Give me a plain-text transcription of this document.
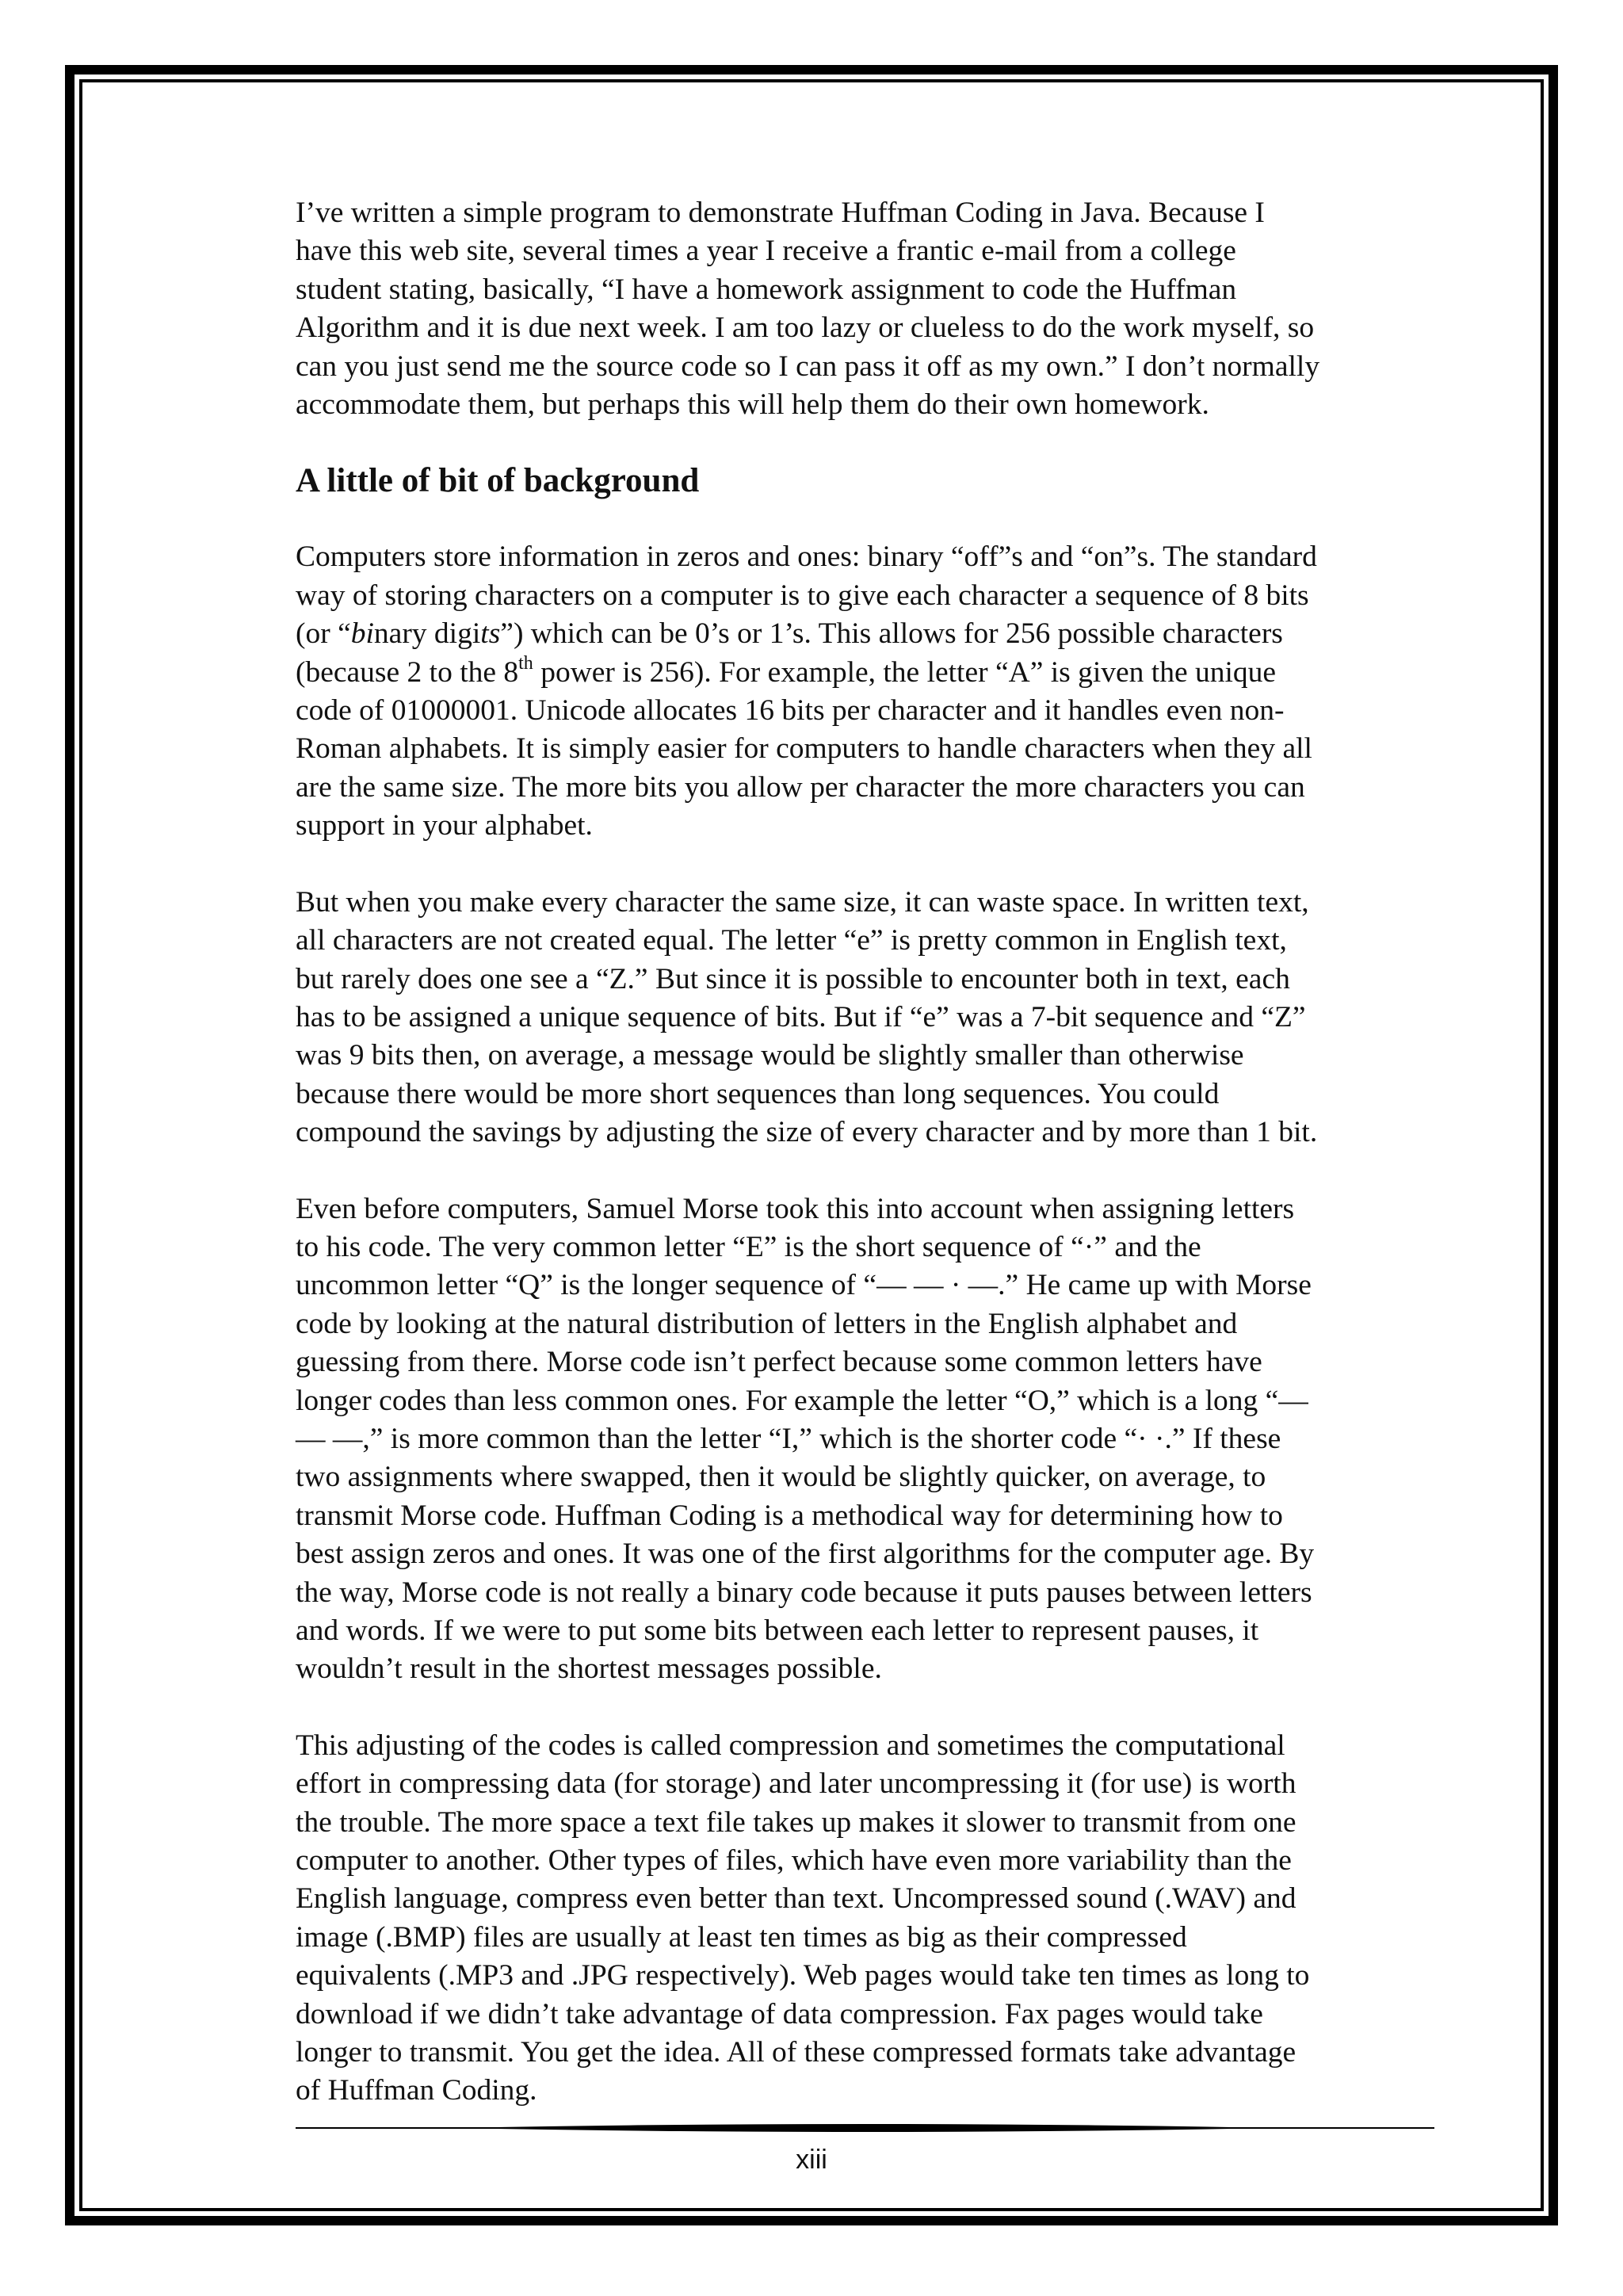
I’ve written a simple program to demonstrate Huffman Coding in Java. Because I
have this web site, several times a year I receive a frantic e-mail from a college
student stating, basically, “I have a homework assignment to code the Huffman
Algorithm and it is due next week. I am too lazy or clueless to do the work myself, so
can you just send me the source code so I can pass it off as my own.” I don’t normally
accommodate them, but perhaps this will help them do their own homework.
A little of bit of background
Computers store information in zeros and ones: binary “off”s and “on”s. The standard
way of storing characters on a computer is to give each character a sequence of 8 bits
(or “binary digits”) which can be 0’s or 1’s. This allows for 256 possible characters
(because 2 to the 8th power is 256). For example, the letter “A” is given the unique
code of 01000001. Unicode allocates 16 bits per character and it handles even non-
Roman alphabets. It is simply easier for computers to handle characters when they all
are the same size. The more bits you allow per character the more characters you can
support in your alphabet.
But when you make every character the same size, it can waste space. In written text,
all characters are not created equal. The letter “e” is pretty common in English text,
but rarely does one see a “Z.” But since it is possible to encounter both in text, each
has to be assigned a unique sequence of bits. But if “e” was a 7-bit sequence and “Z”
was 9 bits then, on average, a message would be slightly smaller than otherwise
because there would be more short sequences than long sequences. You could
compound the savings by adjusting the size of every character and by more than 1 bit.
Even before computers, Samuel Morse took this into account when assigning letters
to his code. The very common letter “E” is the short sequence of “·” and the
uncommon letter “Q” is the longer sequence of “— — · —.” He came up with Morse
code by looking at the natural distribution of letters in the English alphabet and
guessing from there. Morse code isn’t perfect because some common letters have
longer codes than less common ones. For example the letter “O,” which is a long “—
— —,” is more common than the letter “I,” which is the shorter code “· ·.” If these
two assignments where swapped, then it would be slightly quicker, on average, to
transmit Morse code. Huffman Coding is a methodical way for determining how to
best assign zeros and ones. It was one of the first algorithms for the computer age. By
the way, Morse code is not really a binary code because it puts pauses between letters
and words. If we were to put some bits between each letter to represent pauses, it
wouldn’t result in the shortest messages possible.
This adjusting of the codes is called compression and sometimes the computational
effort in compressing data (for storage) and later uncompressing it (for use) is worth
the trouble. The more space a text file takes up makes it slower to transmit from one
computer to another. Other types of files, which have even more variability than the
English language, compress even better than text. Uncompressed sound (.WAV) and
image (.BMP) files are usually at least ten times as big as their compressed
equivalents (.MP3 and .JPG respectively). Web pages would take ten times as long to
download if we didn’t take advantage of data compression. Fax pages would take
longer to transmit. You get the idea. All of these compressed formats take advantage
of Huffman Coding.
xiii
